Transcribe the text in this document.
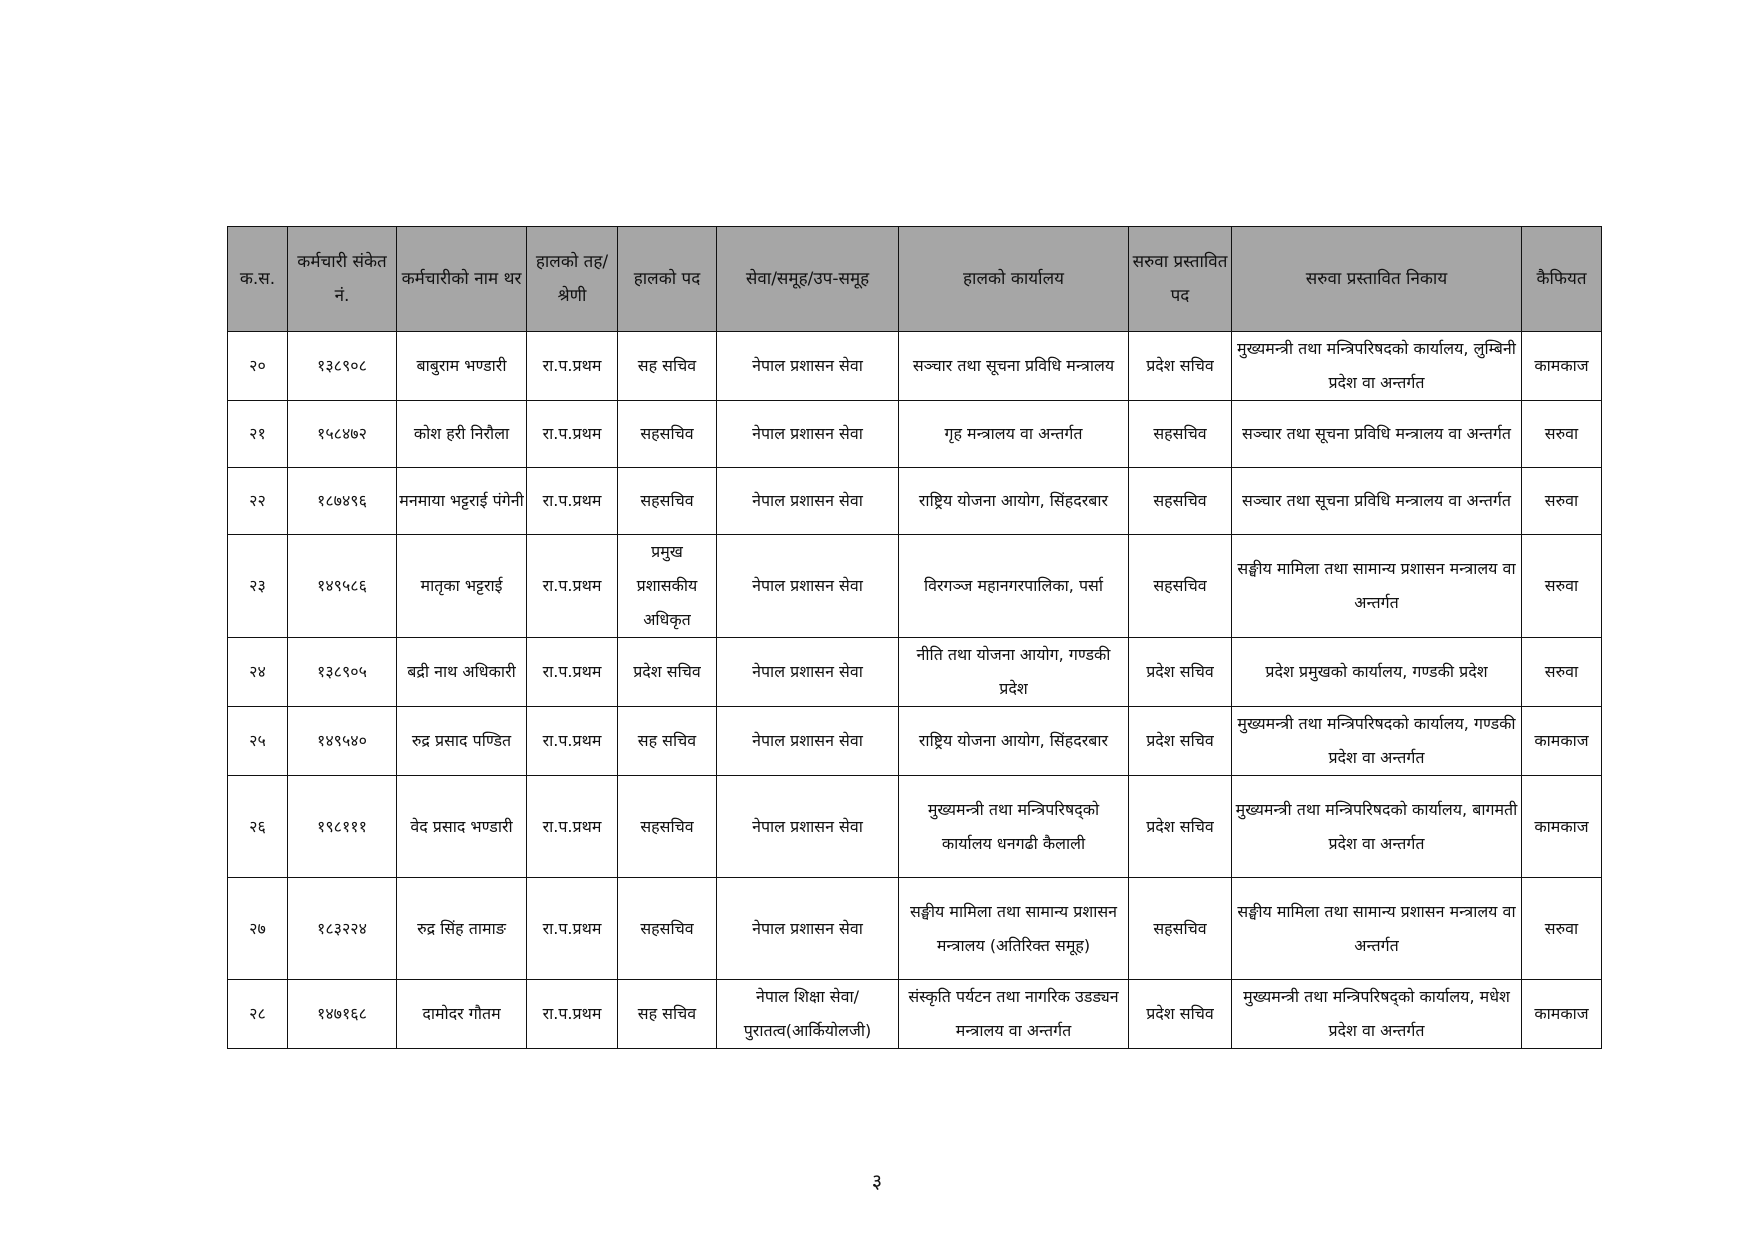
क.स.	कर्मचारी संकेत नं.	कर्मचारीको नाम थर	हालको तह/श्रेणी	हालको पद	सेवा/समूह/उप-समूह	हालको कार्यालय	सरुवा प्रस्तावित पद	सरुवा प्रस्तावित निकाय	कैफियत
२०	१३८९०८	बाबुराम भण्डारी	रा.प.प्रथम	सह सचिव	नेपाल प्रशासन सेवा	सञ्चार तथा सूचना प्रविधि मन्त्रालय	प्रदेश सचिव	मुख्यमन्त्री तथा मन्त्रिपरिषदको कार्यालय, लुम्बिनी प्रदेश वा अन्तर्गत	कामकाज
२१	१५८४७२	कोश हरी निरौला	रा.प.प्रथम	सहसचिव	नेपाल प्रशासन सेवा	गृह मन्त्रालय वा अन्तर्गत	सहसचिव	सञ्चार तथा सूचना प्रविधि मन्त्रालय वा अन्तर्गत	सरुवा
२२	१८७४९६	मनमाया भट्टराई पंगेनी	रा.प.प्रथम	सहसचिव	नेपाल प्रशासन सेवा	राष्ट्रिय योजना आयोग, सिंहदरबार	सहसचिव	सञ्चार तथा सूचना प्रविधि मन्त्रालय वा अन्तर्गत	सरुवा
२३	१४९५८६	मातृका भट्टराई	रा.प.प्रथम	प्रमुख प्रशासकीय अधिकृत	नेपाल प्रशासन सेवा	विरगञ्ज महानगरपालिका, पर्सा	सहसचिव	सङ्घीय मामिला तथा सामान्य प्रशासन मन्त्रालय वा अन्तर्गत	सरुवा
२४	१३८९०५	बद्री नाथ अधिकारी	रा.प.प्रथम	प्रदेश सचिव	नेपाल प्रशासन सेवा	नीति तथा योजना आयोग, गण्डकी प्रदेश	प्रदेश सचिव	प्रदेश प्रमुखको कार्यालय, गण्डकी प्रदेश	सरुवा
२५	१४९५४०	रुद्र प्रसाद पण्डित	रा.प.प्रथम	सह सचिव	नेपाल प्रशासन सेवा	राष्ट्रिय योजना आयोग, सिंहदरबार	प्रदेश सचिव	मुख्यमन्त्री तथा मन्त्रिपरिषदको कार्यालय, गण्डकी प्रदेश वा अन्तर्गत	कामकाज
२६	१९८१११	वेद प्रसाद भण्डारी	रा.प.प्रथम	सहसचिव	नेपाल प्रशासन सेवा	मुख्यमन्त्री तथा मन्त्रिपरिषद्को कार्यालय धनगढी कैलाली	प्रदेश सचिव	मुख्यमन्त्री तथा मन्त्रिपरिषदको कार्यालय, बागमती प्रदेश वा अन्तर्गत	कामकाज
२७	१८३२२४	रुद्र सिंह तामाङ	रा.प.प्रथम	सहसचिव	नेपाल प्रशासन सेवा	सङ्घीय मामिला तथा सामान्य प्रशासन मन्त्रालय (अतिरिक्त समूह)	सहसचिव	सङ्घीय मामिला तथा सामान्य प्रशासन मन्त्रालय वा अन्तर्गत	सरुवा
२८	१४७१६८	दामोदर गौतम	रा.प.प्रथम	सह सचिव	नेपाल शिक्षा सेवा/ पुरातत्व(आर्कियोलजी)	संस्कृति पर्यटन तथा नागरिक उडड्यन मन्त्रालय वा अन्तर्गत	प्रदेश सचिव	मुख्यमन्त्री तथा मन्त्रिपरिषद्को कार्यालय, मधेश प्रदेश वा अन्तर्गत	कामकाज
३
